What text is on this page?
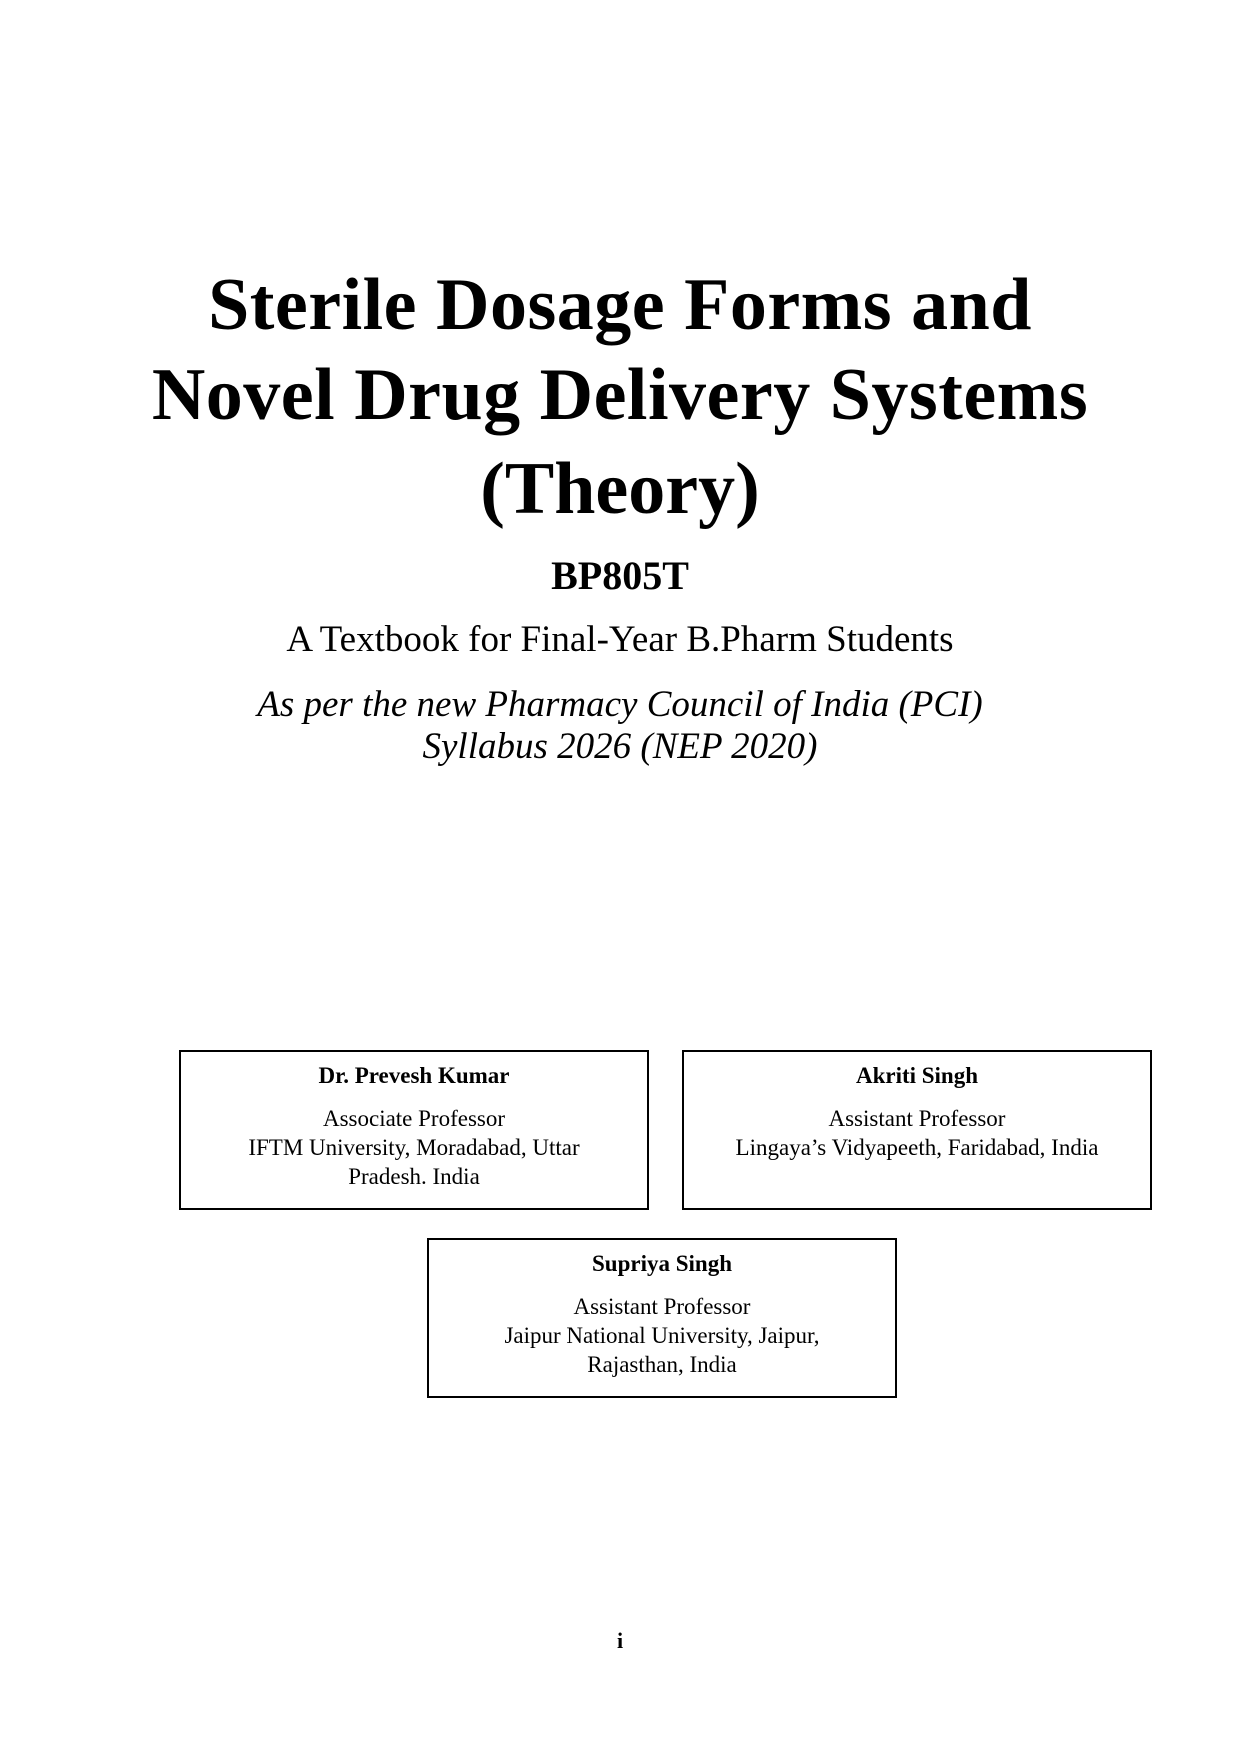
Sterile Dosage Forms and
Novel Drug Delivery Systems
(Theory)
BP805T
A Textbook for Final-Year B.Pharm Students
As per the new Pharmacy Council of India (PCI)
Syllabus 2026 (NEP 2020)
Dr. Prevesh Kumar
Associate Professor
IFTM University, Moradabad, Uttar
Pradesh. India
Akriti Singh
Assistant Professor
Lingaya’s Vidyapeeth, Faridabad, India
Supriya Singh
Assistant Professor
Jaipur National University, Jaipur,
Rajasthan, India
i
